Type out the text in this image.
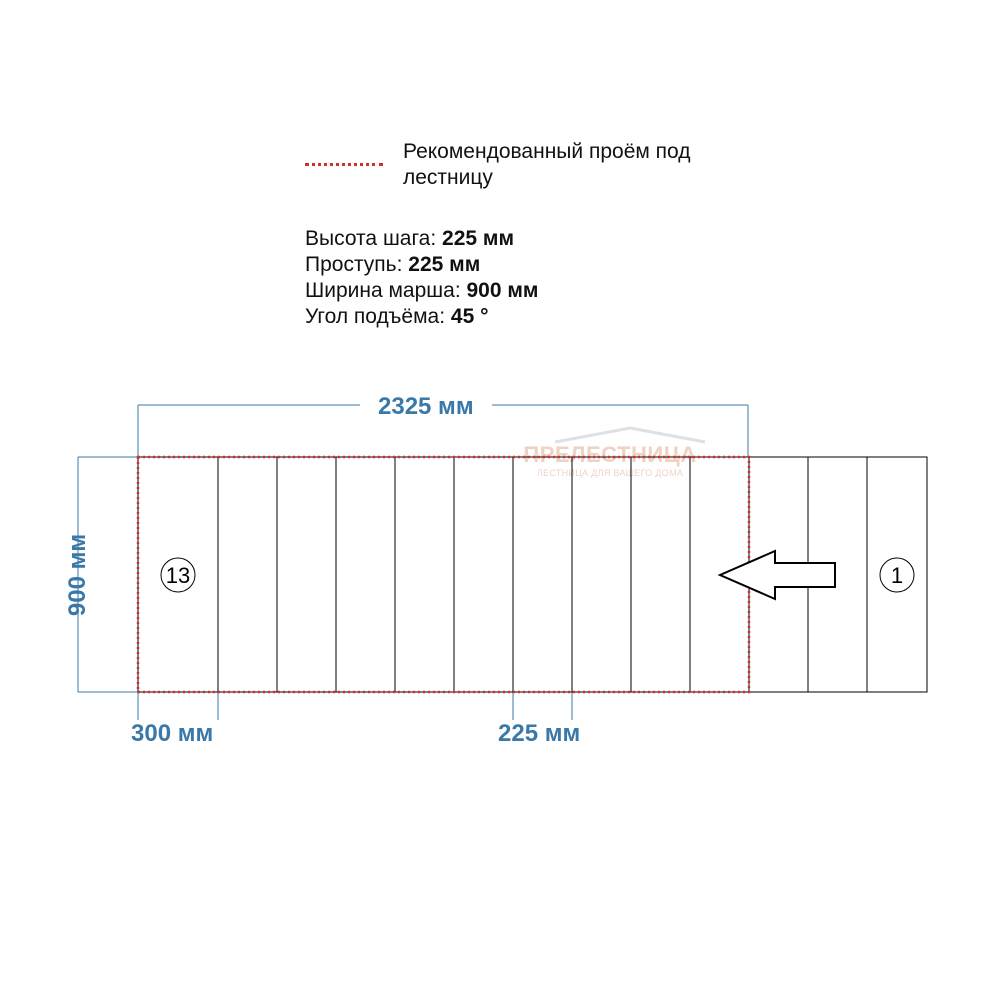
Рекомендованный проём под лестницу
Высота шага: 225 мм
Проступь: 225 мм
Ширина марша: 900 мм
Угол подъёма: 45 °
ПРЕЛЕСТНИЦА
ЛЕСТНИЦА ДЛЯ ВАШЕГО ДОМА
13	1
2325 мм
900 мм
300 мм	225 мм
